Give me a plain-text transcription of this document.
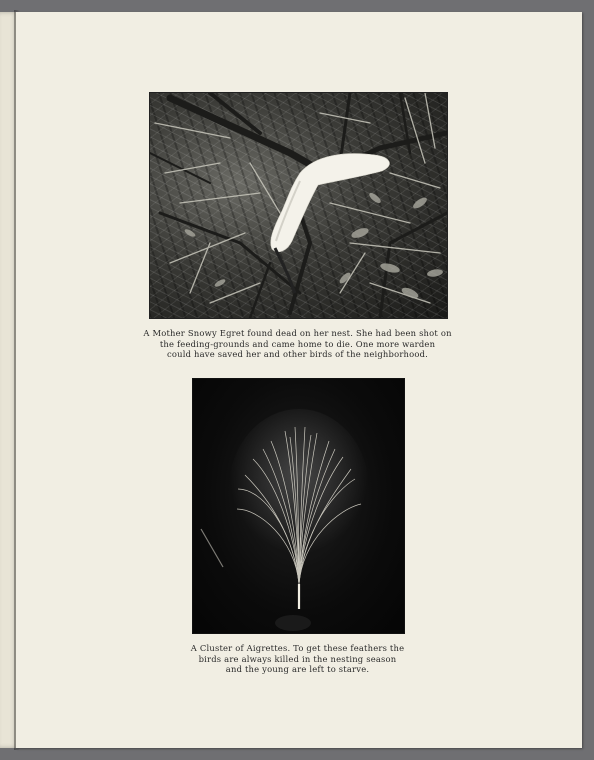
A Mother Snowy Egret found dead on her nest. She had been shot on
the feeding-grounds and came home to die. One more warden
could have saved her and other birds of the neighborhood.

A Cluster of Aigrettes. To get these feathers the
birds are always killed in the nesting season
and the young are left to starve.
